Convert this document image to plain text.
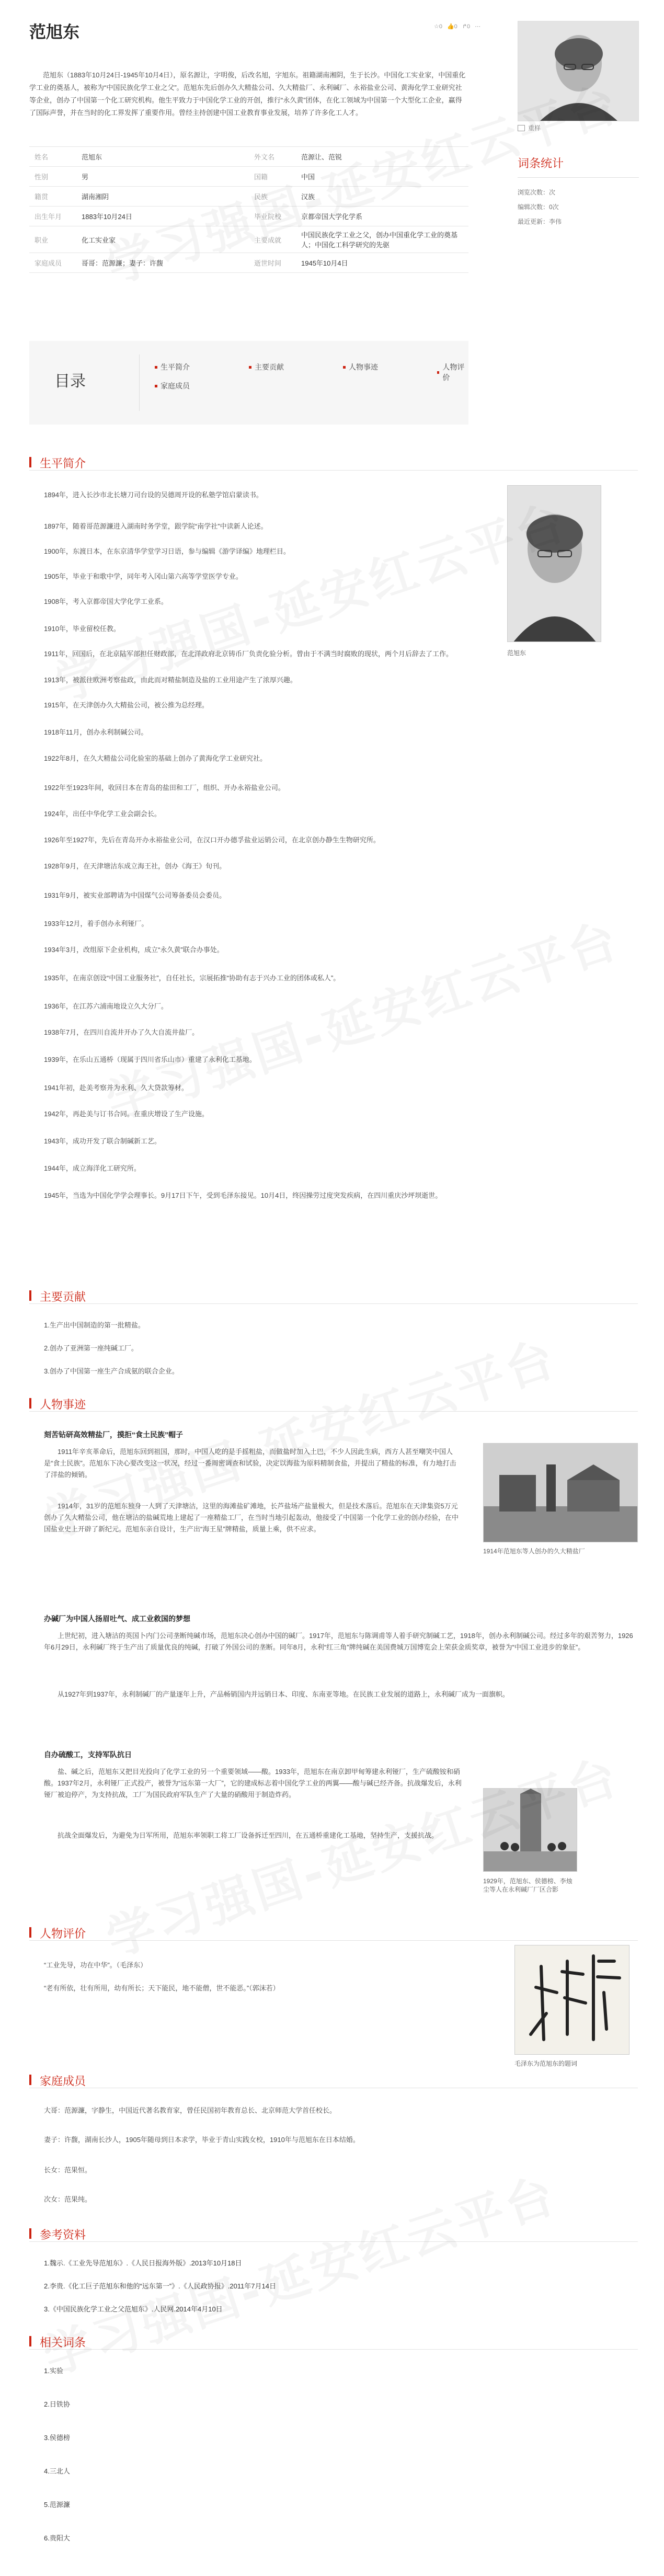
范旭东	☆0 👍0 ↱0 ⋯
范旭东（1883年10月24日-1945年10月4日），原名源让，字明俊，后改名旭，字旭东。祖籍湖南湘阴，生于长沙。中国化工实业家，中国重化学工业的奠基人，被称为“中国民族化学工业之父”。范旭东先后创办久大精盐公司、久大精盐厂、永利碱厂、永裕盐业公司、黄海化学工业研究社等企业，创办了中国第一个化工研究机构。他生平致力于中国化学工业的开创，推行“永久黄”团体，在化工领域为中国第一个大型化工企业，赢得了国际声誉，并在当时的化工界发挥了重要作用。曾经主持创建中国工业教育事业发展，培养了许多化工人才。
重样
姓名	范旭东	外文名	范源让、范锐
性别	男	国籍	中国
籍贯	湖南湘阴	民族	汉族
出生年月	1883年10月24日	毕业院校	京都帝国大学化学系
职业	化工实业家	主要成就	中国民族化学工业之父，创办中国重化学工业的奠基人；中国化工科学研究的先驱
家庭成员	哥哥：范源濂；妻子：许馥	逝世时间	1945年10月4日
词条统计
浏览次数：次
编辑次数：0次
最近更新：李伟
目录
生平简介	主要贡献	人物事迹	人物评价
家庭成员
生平简介
1894年，进入长沙市北长塘刀司台设的吴德周开设的私塾学馆启蒙读书。
1897年，随着哥范源濂进入湖南时务学堂，跟学院“南学社”中读新人论述。
1900年，东渡日本，在东京清华学堂学习日语，参与编辑《游学译编》地理栏目。
1905年，毕业于和歌中学，同年考入冈山第六高等学堂医学专业。
1908年，考入京都帝国大学化学工业系。
1910年，毕业留校任教。
1911年，回国后，在北京陆军部担任财政部，在北洋政府北京铸币厂负责化验分析。曾由于不满当时腐败的现状，两个月后辞去了工作。
1913年，被派往欧洲考察盐政，由此而对精盐制造及盐的工业用途产生了浓厚兴趣。
1915年，在天津创办久大精盐公司，被公推为总经理。
1918年11月，创办永利制碱公司。
1922年8月，在久大精盐公司化验室的基础上创办了黄海化学工业研究社。
1922年至1923年间，收回日本在青岛的盐田和工厂，组织、开办永裕盐业公司。
1924年，出任中华化学工业会副会长。
1926年至1927年，先后在青岛开办永裕盐业公司，在汉口开办德孚盐业运销公司，在北京创办静生生物研究所。
1928年9月，在天津塘沽东成立海王社，创办《海王》旬刊。
1931年9月，被实业部聘请为中国煤气公司筹备委员会委员。
1933年12月，着手创办永利铔厂。
1934年3月，改组原下企业机构，成立“永久黄”联合办事处。
1935年，在南京创设“中国工业服务社”，自任社长，宗展拓推“协助有志于兴办工业的团体或私人”。
1936年，在江苏六浦南地设立久大分厂。
1938年7月，在四川自流井开办了久大自流井盐厂。
1939年，在乐山五通桥（现属于四川省乐山市）重建了永利化工基地。
1941年初，赴美考察并为永利、久大贷款筹材。
1942年，再赴美与订书合同。在重庆增设了生产设施。
1943年，成功开发了联合制碱新工艺。
1944年，成立海洋化工研究所。
1945年，当选为中国化学学会理事长。9月17日下午，受到毛泽东接见。10月4日，终因操劳过度突发疾病，在四川重庆沙坪坝逝世。
范旭东
主要贡献
1.生产出中国制造的第一批精盐。
2.创办了亚洲第一座纯碱工厂。
3.创办了中国第一座生产合成氨的联合企业。
人物事迹
刻苦钻研高效精盐厂，摸拒“食土民族”帽子
1911年辛亥革命后，范旭东回到祖国，那时，中国人吃的是手摇粗盐，而做盐时加入土巴，不少人因此生病，西方人甚至嘲笑中国人是“食土民族”。范旭东下决心要改变这一状况，经过一番周密调查和试验，决定以海盐为原料精制食盐，并提出了精盐的标准，有力地打击了洋盐的倾销。
1914年，31岁的范旭东独身一人到了天津塘沽，这里的海滩盐矿滩地，长芦盐场产盐量极大，但是技术落后。范旭东在天津集资5万元创办了久大精盐公司，他在塘沽的盐碱荒地上建起了一座精盐工厂，在当时当地引起轰动，他接受了中国第一个化学工业的创办经验，在中国盐业史上开辟了新纪元。范旭东亲自设计，生产出“海王星”牌精盐，质量上乘，供不应求。
1914年范旭东等人创办的久大精盐厂
办碱厂为中国人扬眉吐气、成工业救国的梦想
上世纪初，进入塘沽的英国卜内门公司垄断纯碱市场，范旭东决心创办中国的碱厂。1917年，范旭东与陈调甫等人着手研究制碱工艺，1918年，创办永利制碱公司。经过多年的艰苦努力，1926年6月29日，永利碱厂终于生产出了质量优良的纯碱，打破了外国公司的垄断。同年8月，永利“红三角”牌纯碱在美国费城万国博览会上荣获金质奖章，被誉为“中国工业进步的象征”。
从1927年到1937年，永利制碱厂的产量逐年上升，产品畅销国内并远销日本、印度、东南亚等地。在民族工业发展的道路上，永利碱厂成为一面旗帜。
自办硫酸工，支持军队抗日
盐、碱之后，范旭东又把目光投向了化学工业的另一个重要领域——酸。1933年，范旭东在南京卸甲甸筹建永利铔厂，生产硫酸铵和硝酸。1937年2月，永利铔厂正式投产，被誉为“远东第一大厂”，它的建成标志着中国化学工业的两翼——酸与碱已经齐备。抗战爆发后，永利铔厂被迫停产，为支持抗战，工厂为国民政府军队生产了大量的硝酸用于制造炸药。
抗战全面爆发后，为避免为日军所用，范旭东率领职工将工厂设备拆迁至四川，在五通桥重建化工基地，坚持生产，支援抗战。
1929年，范旭东、侯德榜、李烛尘等人在永利碱厂厂区合影
人物评价
“工业先导，功在中华”。（毛泽东）
“老有所依，壮有所用，幼有所长；天下能民，地不能僧，世不能恶。”（郭沫若）
毛泽东为范旭东的题词
家庭成员
大哥：范源濂，字静生，中国近代著名教育家，曾任民国初年教育总长、北京师范大学首任校长。
妻子：许馥，湖南长沙人，1905年随母到日本求学，毕业于青山实践女校，1910年与范旭东在日本结婚。
长女：范果恒。
次女：范果纯。
参考资料
1.魏示.《工业先导范旭东》.《人民日报海外版》.2013年10月18日
2.李贵.《化工巨子范旭东和他的“远东第一”》.《人民政协报》.2011年7月14日
3.《中国民族化学工业之父范旭东》.人民网.2014年4月10日
相关词条
1.实验
2.日铁协
3.侯德榜
4.三北人
5.范源濂
6.贵阳大
